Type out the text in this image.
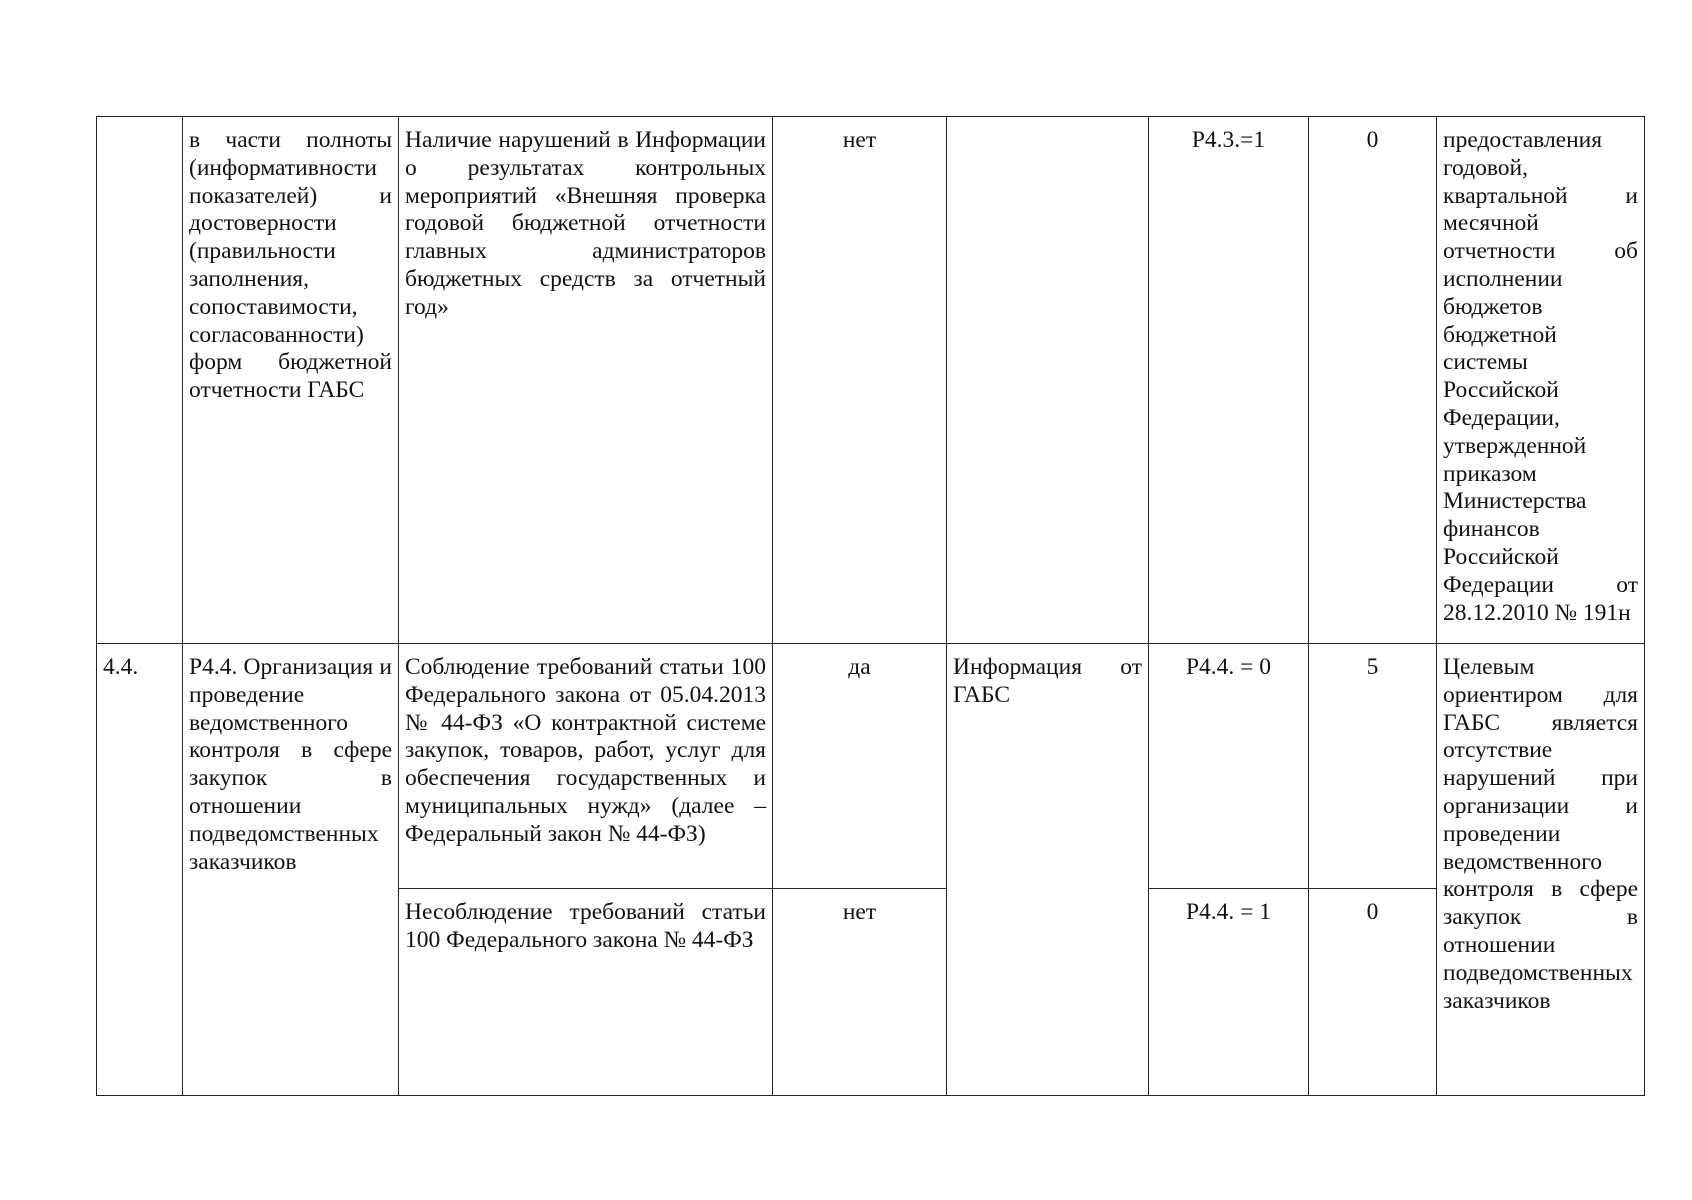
	в части полноты (информативности показателей) и достоверности (правильности заполнения, сопоставимости, согласованности) форм бюджетной отчетности ГАБС	Наличие нарушений в Информации о результатах контрольных мероприятий «Внешняя проверка годовой бюджетной отчетности главных администраторов бюджетных средств за отчетный год»	нет		P4.3.=1	0	предоставления годовой, квартальной и месячной отчетности об исполнении бюджетов бюджетной системы Российской Федерации, утвержденной приказом Министерства финансов Российской Федерации от 28.12.2010 № 191н
4.4.	P4.4. Организация и проведение ведомственного контроля в сфере закупок в отношении подведомственных заказчиков	Соблюдение требований статьи 100 Федерального закона от 05.04.2013 № 44-ФЗ «О контрактной системе закупок, товаров, работ, услуг для обеспечения государственных и муниципальных нужд» (далее – Федеральный закон № 44-ФЗ)	да	Информация от ГАБС	P4.4. = 0	5	Целевым ориентиром для ГАБС является отсутствие нарушений при организации и проведении ведомственного контроля в сфере закупок в отношении подведомственных заказчиков
		Несоблюдение требований статьи 100 Федерального закона № 44-ФЗ	нет		P4.4. = 1	0	
